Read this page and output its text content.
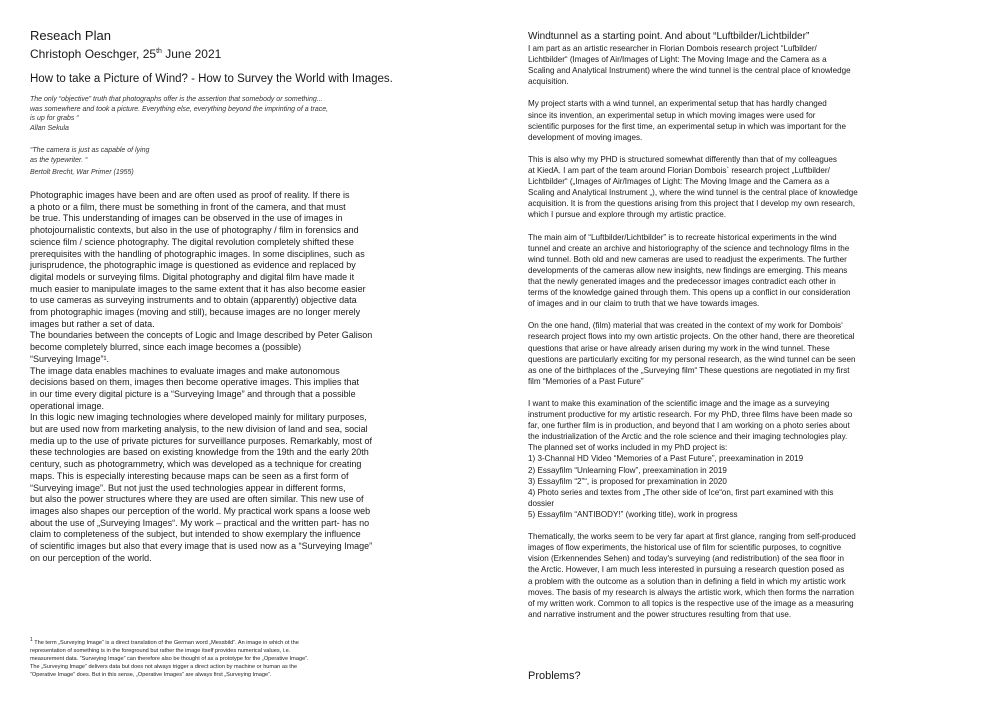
Reseach Plan
Christoph Oeschger, 25th June 2021
How to take a Picture of Wind? - How to Survey the World with Images.

The only “objective” truth that photographs offer is the assertion that somebody or something...

was somewhere and took a picture. Everything else, everything beyond the imprinting of a trace,

is up for grabs “

Allan Sekula

“The camera is just as capable of lying

as the typewriter. “

Bertolt Brecht, War Primer (1955)

Photographic images have been and are often used as proof of reality. If there is

a photo or a film, there must be something in front of the camera, and that must

be true. This understanding of images can be observed in the use of images in

photojournalistic contexts, but also in the use of photography / film in forensics and

science film / science photography. The digital revolution completely shifted these

prerequisites with the handling of photographic images. In some disciplines, such as

jurisprudence, the photographic image is questioned as evidence and replaced by

digital models or surveying films. Digital photography and digital film have made it

much easier to manipulate images to the same extent that it has also become easier

to use cameras as surveying instruments and to obtain (apparently) objective data

from photographic images (moving and still), because images are no longer merely

images but rather a set of data.

The boundaries between the concepts of Logic and Image described by Peter Galison

become completely blurred, since each image becomes a (possible)

“Surveying Image”¹.

The image data enables machines to evaluate images and make autonomous

decisions based on them, images then become operative images. This implies that

in our time every digital picture is a “Surveying Image” and through that a possible

operational image.

In this logic new imaging technologies where developed mainly for military purposes,

but are used now from marketing analysis, to the new division of land and sea, social

media up to the use of private pictures for surveillance purposes. Remarkably, most of

these technologies are based on existing knowledge from the 19th and the early 20th

century, such as photogrammetry, which was developed as a technique for creating

maps. This is especially interesting because maps can be seen as a first form of

“Surveying image”. But not just the used technologies appear in different forms,

but also the power structures where they are used are often similar. This new use of

images also shapes our perception of the world. My practical work spans a loose web

about the use of „Surveying Images“. My work – practical and the written part- has no

claim to completeness of the subject, but intended to show exemplary the influence

of scientific images but also that every image that is used now as a “Surveying Image”

on our perception of the world.

$^1$ The term „Surveying Image“ is a direct translation of the German word „Messbild“. An image in which ot the

representation of something is in the foreground but rather the image itself provides numerical values, i.e.

measurement data. “Surveying Image” can therefore also be thought of as a prototype for the „Operative Image“.

The „Surveying Image“ delivers data but does not always trigger a direct action by machine or human as the

“Operative Image” does. But in this sense, „Operative Images“ are always first „Surveying Image“.

Windtunnel as a starting point. And about “Luftbilder/Lichtbilder”

I am part as an artistic researcher in Florian Dombois research project “Lufbilder/

Lichtbilder“ (Images of Air/Images of Light: The Moving Image and the Camera as a

Scaling and Analytical Instrument) where the wind tunnel is the central place of knowledge

acquisition.

My project starts with a wind tunnel, an experimental setup that has hardly changed

since its invention, an experimental setup in which moving images were used for

scientific purposes for the first time, an experimental setup in which was important for the

development of moving images.

This is also why my PHD is structured somewhat differently than that of my colleagues

at KiedA. I am part of the team around Florian Dombois` research project „Luftbilder/

Lichtbilder“ („Images of Air/Images of Light: The Moving Image and the Camera as a

Scaling and Analytical Instrument „), where the wind tunnel is the central place of knowledge

acquisition. It is from the questions arising from this project that I develop my own research,

which I pursue and explore through my artistic practice.

The main aim of “Luftbilder/Lichtbilder” is to recreate historical experiments in the wind

tunnel and create an archive and historiography of the science and technology films in the

wind tunnel. Both old and new cameras are used to readjust the experiments. The further

developments of the cameras allow new insights, new findings are emerging. This means

that the newly generated images and the predecessor images contradict each other in

terms of the knowledge gained through them. This opens up a conflict in our consideration

of images and in our claim to truth that we have towards images.

On the one hand, (film) material that was created in the context of my work for Dombois‘

research project flows into my own artistic projects. On the other hand, there are theoretical

questions that arise or have already arisen during my work in the wind tunnel. These

questions are particularly exciting for my personal research, as the wind tunnel can be seen

as one of the birthplaces of the „Surveying film“ These questions are negotiated in my first

film “Memories of a Past Future”

I want to make this examination of the scientific image and the image as a surveying

instrument productive for my artistic research. For my PhD, three films have been made so

far, one further film is in production, and beyond that I am working on a photo series about

the industrialization of the Arctic and the role science and their imaging technologies play.

The planned set of works included in my PhD project is:

1) 3-Channal HD Video “Memories of a Past Future”, preexamination in 2019

2) Essayfilm “Unlearning Flow”, preexamination in 2019

3) Essayfilm “2”“, is proposed for prexamination in 2020

4) Photo series and textes from „The other side of Ice“on, first part examined with this

dossier

5) Essayfilm “ANTIBODY!” (working title), work in progress

Thematically, the works seem to be very far apart at first glance, ranging from self-produced

images of flow experiments, the historical use of film for scientific purposes, to cognitive

vision (Erkennendes Sehen) and today's surveying (and redistribution) of the sea floor in

the Arctic. However, I am much less interested in pursuing a research question posed as

a problem with the outcome as a solution than in defining a field in which my artistic work

moves. The basis of my research is always the artistic work, which then forms the narration

of my written work. Common to all topics is the respective use of the image as a measuring

and narrative instrument and the power structures resulting from that use.

Problems?
